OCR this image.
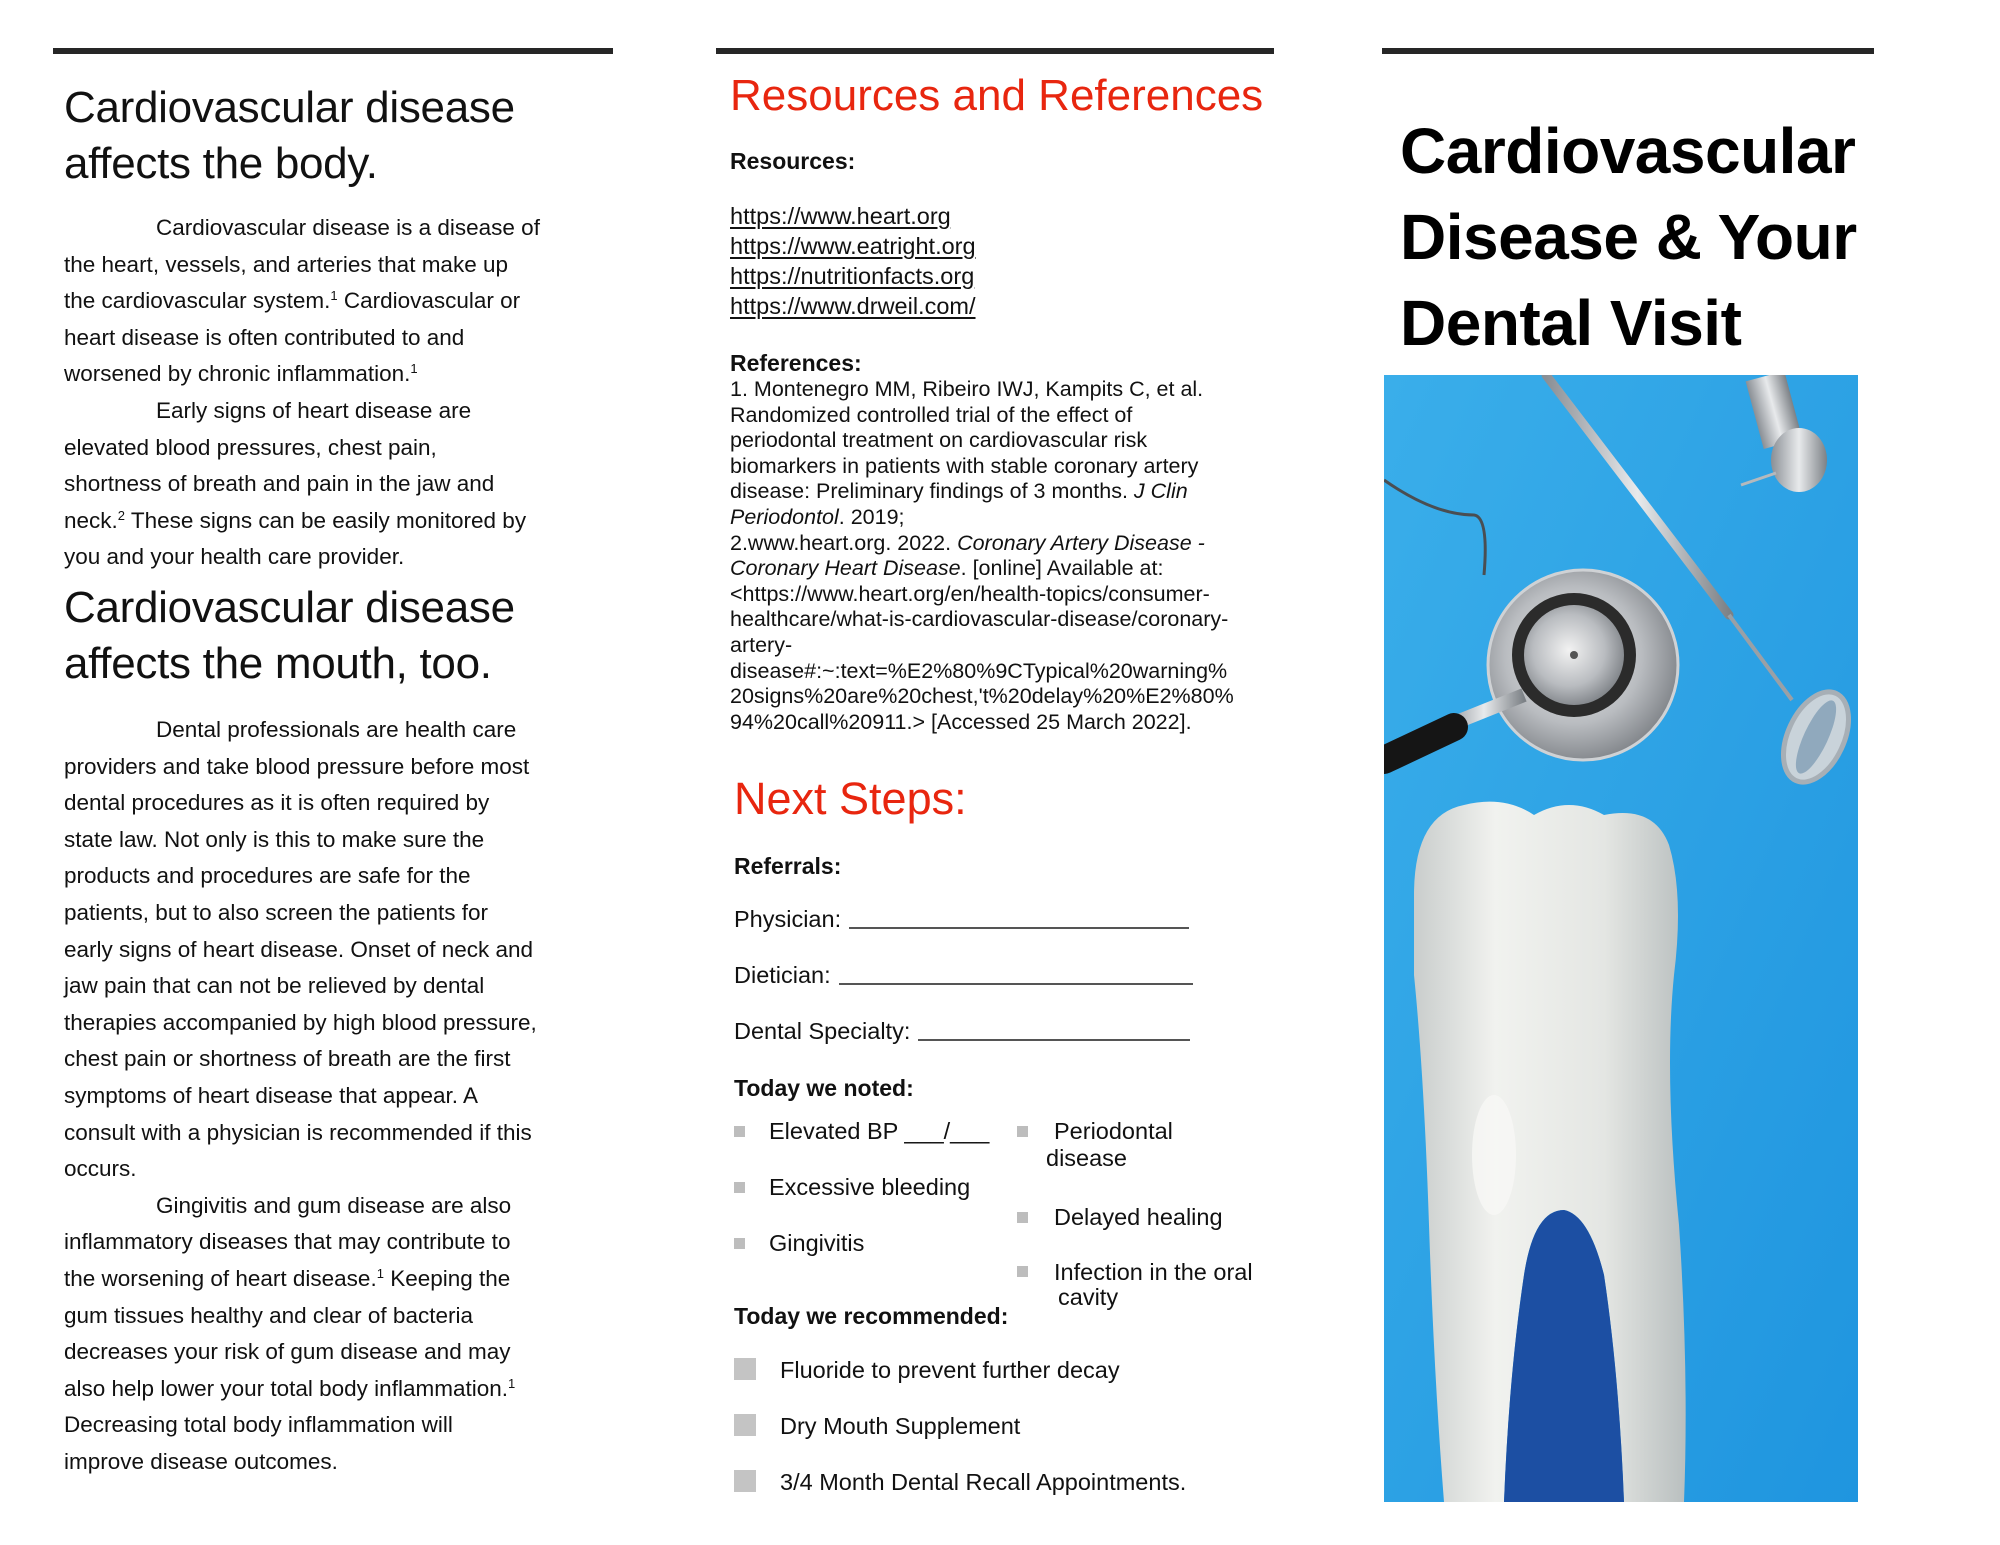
Cardiovascular disease
affects the body.

Cardiovascular disease is a disease of

the heart, vessels, and arteries that make up

the cardiovascular system.$^1$ Cardiovascular or

heart disease is often contributed to and

worsened by chronic inflammation.$^1$

Early signs of heart disease are

elevated blood pressures, chest pain,

shortness of breath and pain in the jaw and

neck.$^2$ These signs can be easily monitored by

you and your health care provider.

Cardiovascular disease
affects the mouth, too.

Dental professionals are health care

providers and take blood pressure before most

dental procedures as it is often required by

state law. Not only is this to make sure the

products and procedures are safe for the

patients, but to also screen the patients for

early signs of heart disease. Onset of neck and

jaw pain that can not be relieved by dental

therapies accompanied by high blood pressure,

chest pain or shortness of breath are the first

symptoms of heart disease that appear. A

consult with a physician is recommended if this

occurs.

Gingivitis and gum disease are also

inflammatory diseases that may contribute to

the worsening of heart disease.$^1$ Keeping the

gum tissues healthy and clear of bacteria

decreases your risk of gum disease and may

also help lower your total body inflammation.$^1$

Decreasing total body inflammation will

improve disease outcomes.

Resources and References

Resources:

https://www.heart.org
https://www.eatright.org
https://nutritionfacts.org
https://www.drweil.com/

References:

1. Montenegro MM, Ribeiro IWJ, Kampits C, et al.

Randomized controlled trial of the effect of

periodontal treatment on cardiovascular risk

biomarkers in patients with stable coronary artery

disease: Preliminary findings of 3 months. J Clin

Periodontol. 2019;

2.www.heart.org. 2022. Coronary Artery Disease -

Coronary Heart Disease. [online] Available at:

<https://www.heart.org/en/health-topics/consumer-

healthcare/what-is-cardiovascular-disease/coronary-

artery-

disease#:~:text=%E2%80%9CTypical%20warning%

20signs%20are%20chest,'t%20delay%20%E2%80%

94%20call%20911.> [Accessed 25 March 2022].

Next Steps:

Referrals:

Physician:
Dietician:
Dental Specialty:

Today we noted:

Elevated BP ___/___
Excessive bleeding
Gingivitis
Periodontal
disease
Delayed healing
Infection in the oral
cavity

Today we recommended:

Fluoride to prevent further decay
Dry Mouth Supplement
3/4 Month Dental Recall Appointments.
Cardiovascular
Disease & Your
Dental Visit
